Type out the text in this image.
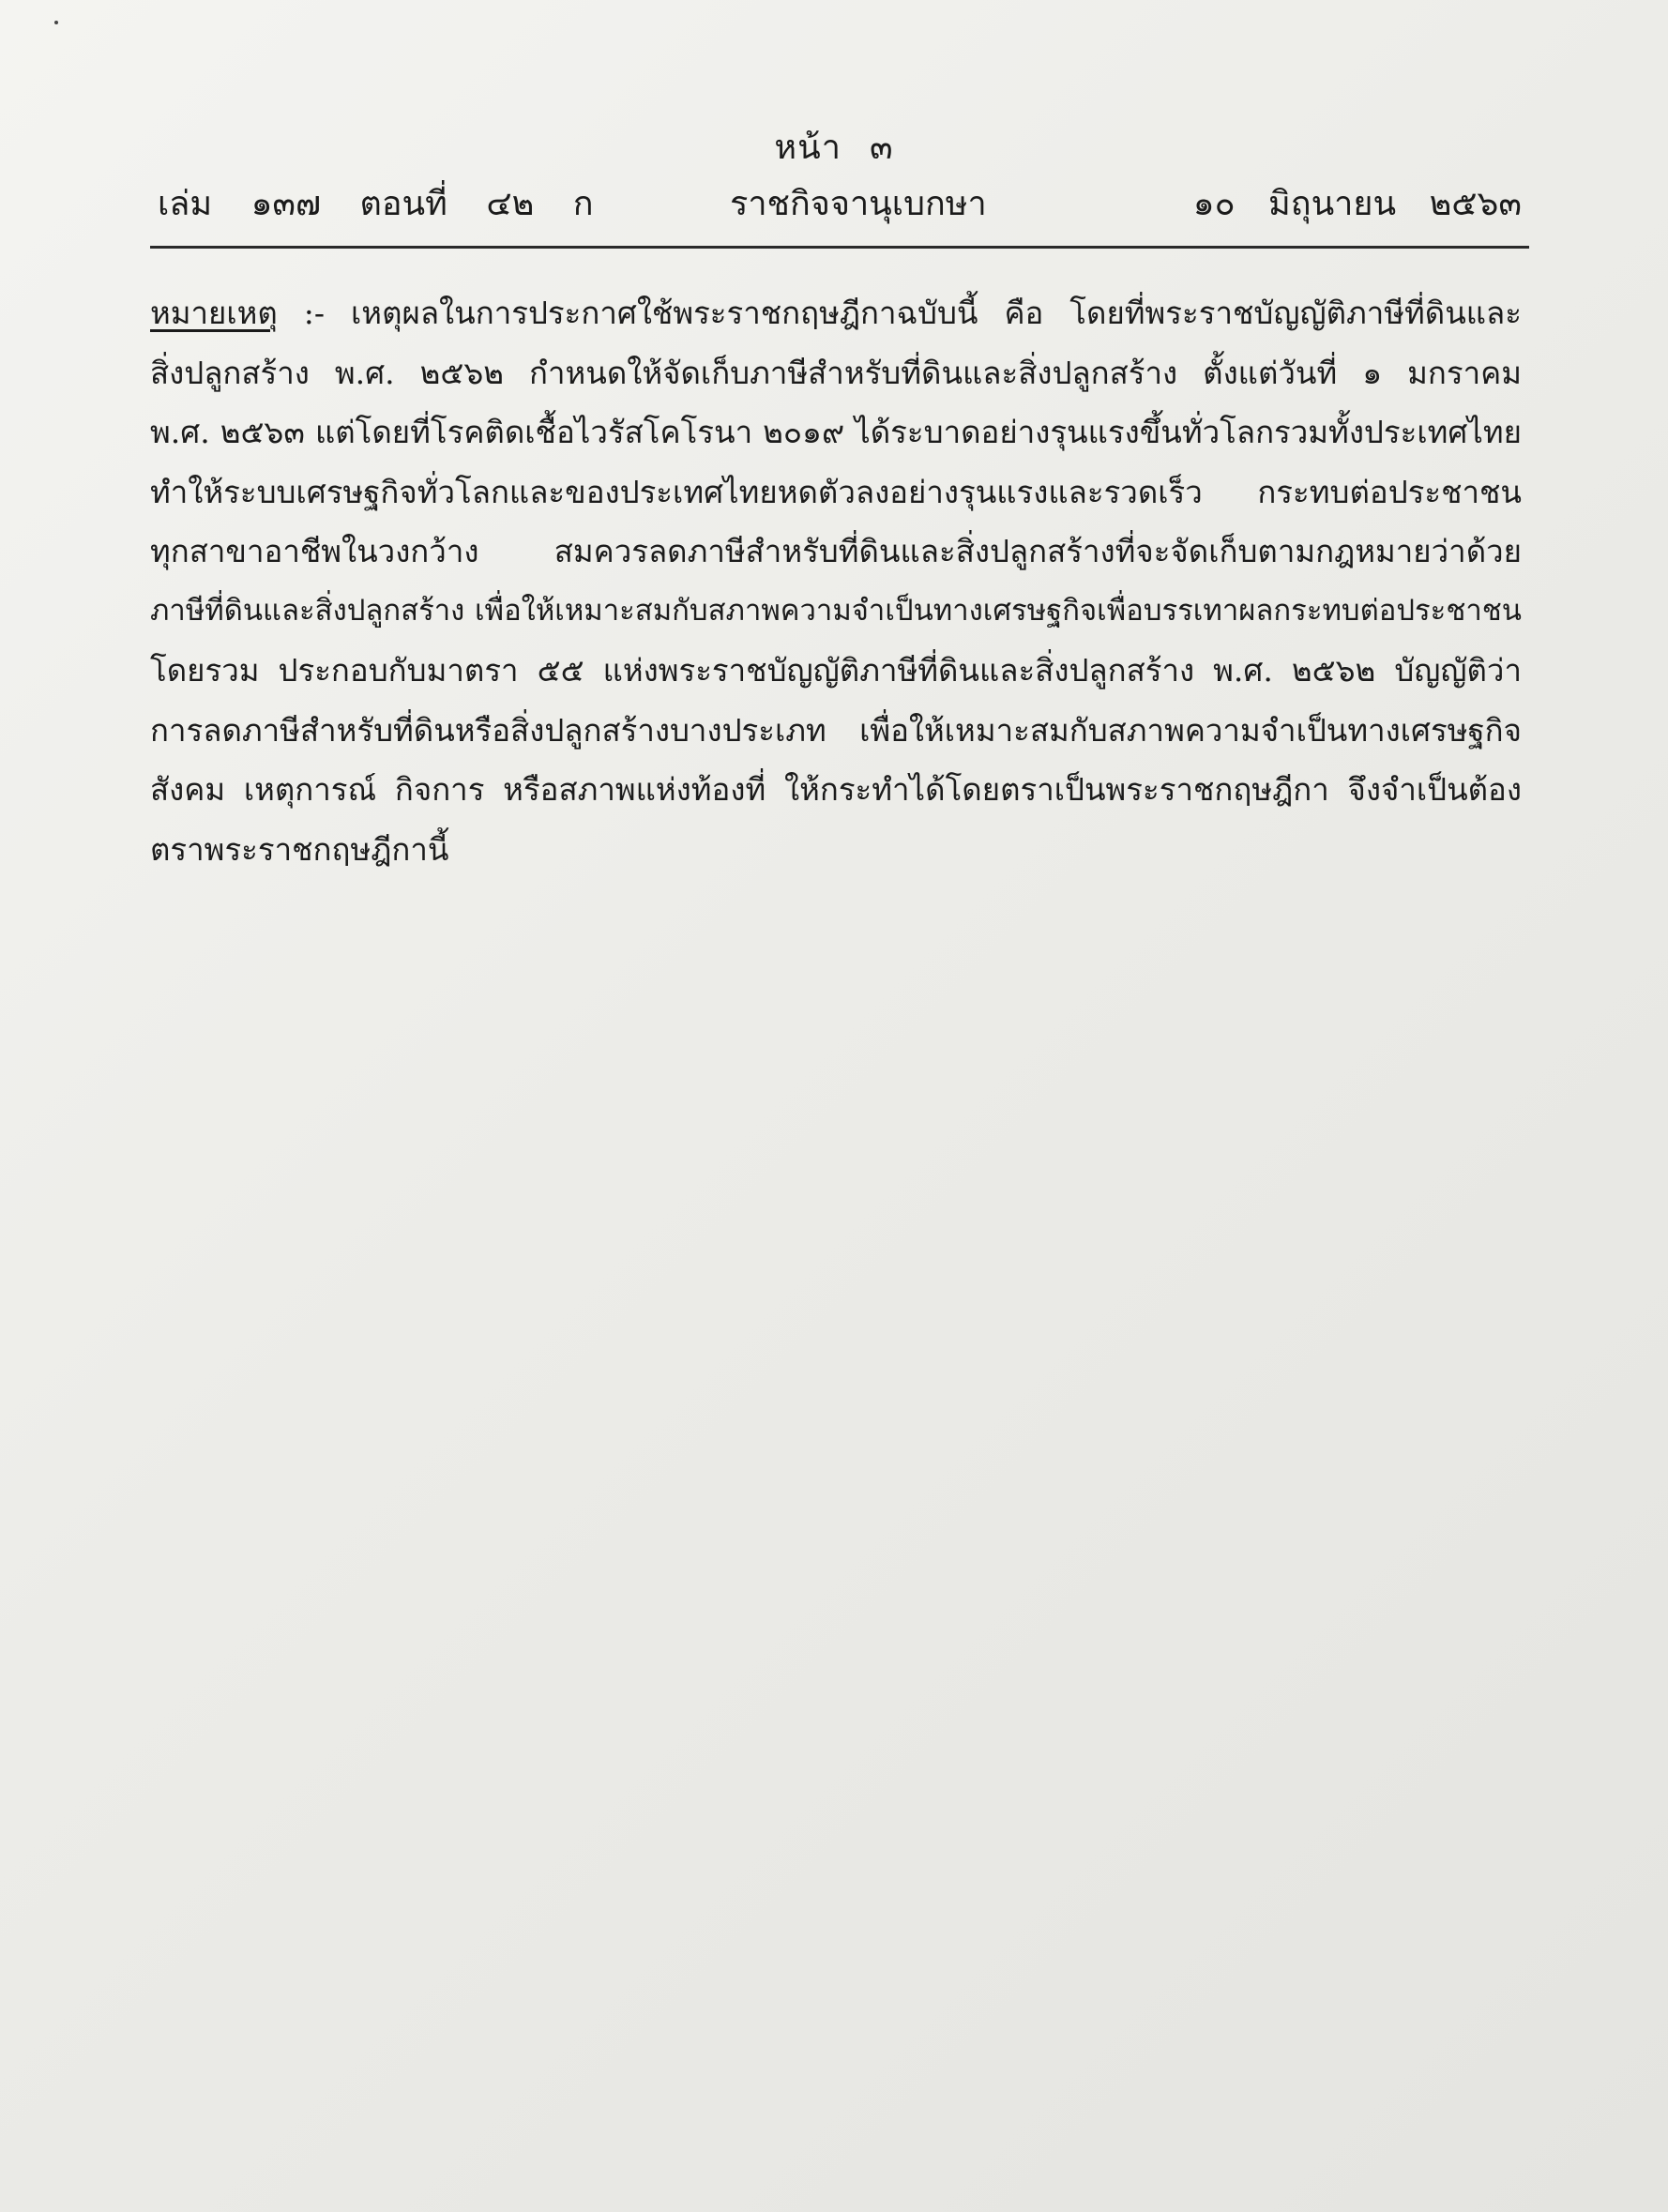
หน้า ๓
เล่ม ๑๓๗ ตอนที่ ๔๒ ก	ราชกิจจานุเบกษา	๑๐ มิถุนายน ๒๕๖๓
หมายเหตุ :- เหตุผลในการประกาศใช้พระราชกฤษฎีกาฉบับนี้ คือ โดยที่พระราชบัญญัติภาษีที่ดินและ
สิ่งปลูกสร้าง พ.ศ. ๒๕๖๒ กำหนดให้จัดเก็บภาษีสำหรับที่ดินและสิ่งปลูกสร้าง ตั้งแต่วันที่ ๑ มกราคม
พ.ศ. ๒๕๖๓ แต่โดยที่โรคติดเชื้อไวรัสโคโรนา ๒๐๑๙ ได้ระบาดอย่างรุนแรงขึ้นทั่วโลกรวมทั้งประเทศไทย
ทำให้ระบบเศรษฐกิจทั่วโลกและของประเทศไทยหดตัวลงอย่างรุนแรงและรวดเร็ว กระทบต่อประชาชน
ทุกสาขาอาชีพในวงกว้าง สมควรลดภาษีสำหรับที่ดินและสิ่งปลูกสร้างที่จะจัดเก็บตามกฎหมายว่าด้วย
ภาษีที่ดินและสิ่งปลูกสร้าง เพื่อให้เหมาะสมกับสภาพความจำเป็นทางเศรษฐกิจเพื่อบรรเทาผลกระทบต่อประชาชน
โดยรวม ประกอบกับมาตรา ๕๕ แห่งพระราชบัญญัติภาษีที่ดินและสิ่งปลูกสร้าง พ.ศ. ๒๕๖๒ บัญญัติว่า
การลดภาษีสำหรับที่ดินหรือสิ่งปลูกสร้างบางประเภท เพื่อให้เหมาะสมกับสภาพความจำเป็นทางเศรษฐกิจ
สังคม เหตุการณ์ กิจการ หรือสภาพแห่งท้องที่ ให้กระทำได้โดยตราเป็นพระราชกฤษฎีกา จึงจำเป็นต้อง
ตราพระราชกฤษฎีกานี้
